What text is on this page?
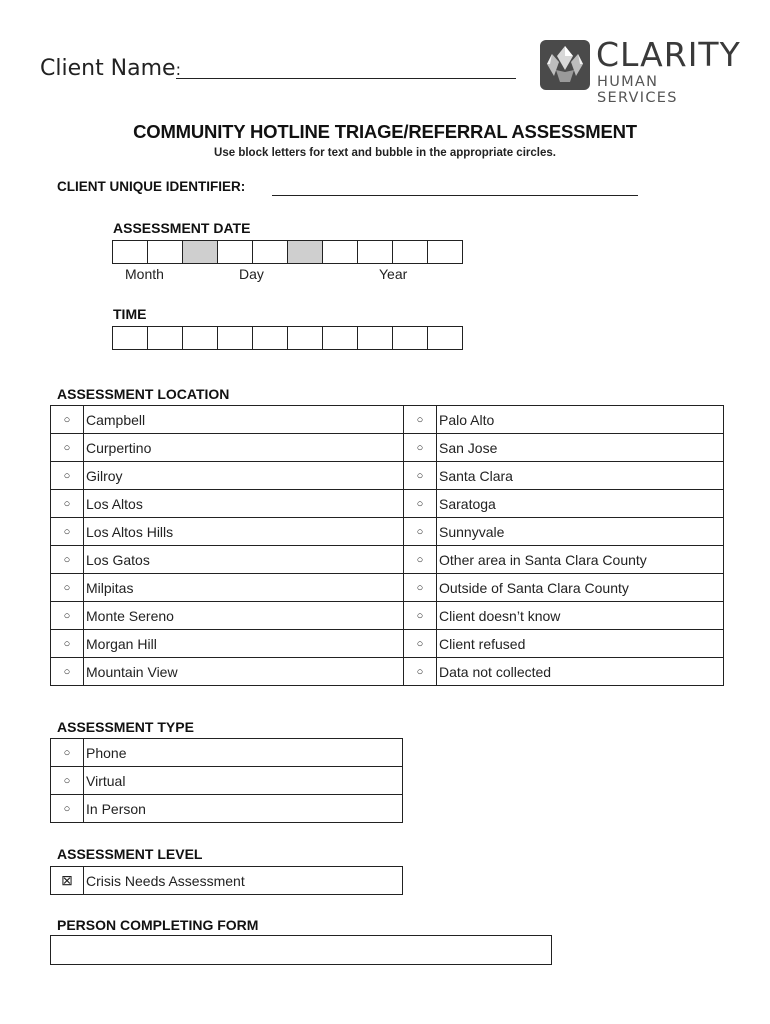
Client Name:	CLARITY
HUMAN SERVICES
COMMUNITY HOTLINE TRIAGE/REFERRAL ASSESSMENT
Use block letters for text and bubble in the appropriate circles.
CLIENT UNIQUE IDENTIFIER:
ASSESSMENT DATE
Month	Day	Year
TIME
ASSESSMENT LOCATION
○	Campbell	○	Palo Alto
○	Curpertino	○	San Jose
○	Gilroy	○	Santa Clara
○	Los Altos	○	Saratoga
○	Los Altos Hills	○	Sunnyvale
○	Los Gatos	○	Other area in Santa Clara County
○	Milpitas	○	Outside of Santa Clara County
○	Monte Sereno	○	Client doesn’t know
○	Morgan Hill	○	Client refused
○	Mountain View	○	Data not collected
ASSESSMENT TYPE
○	Phone
○	Virtual
○	In Person
ASSESSMENT LEVEL
⊠	Crisis Needs Assessment
PERSON COMPLETING FORM
